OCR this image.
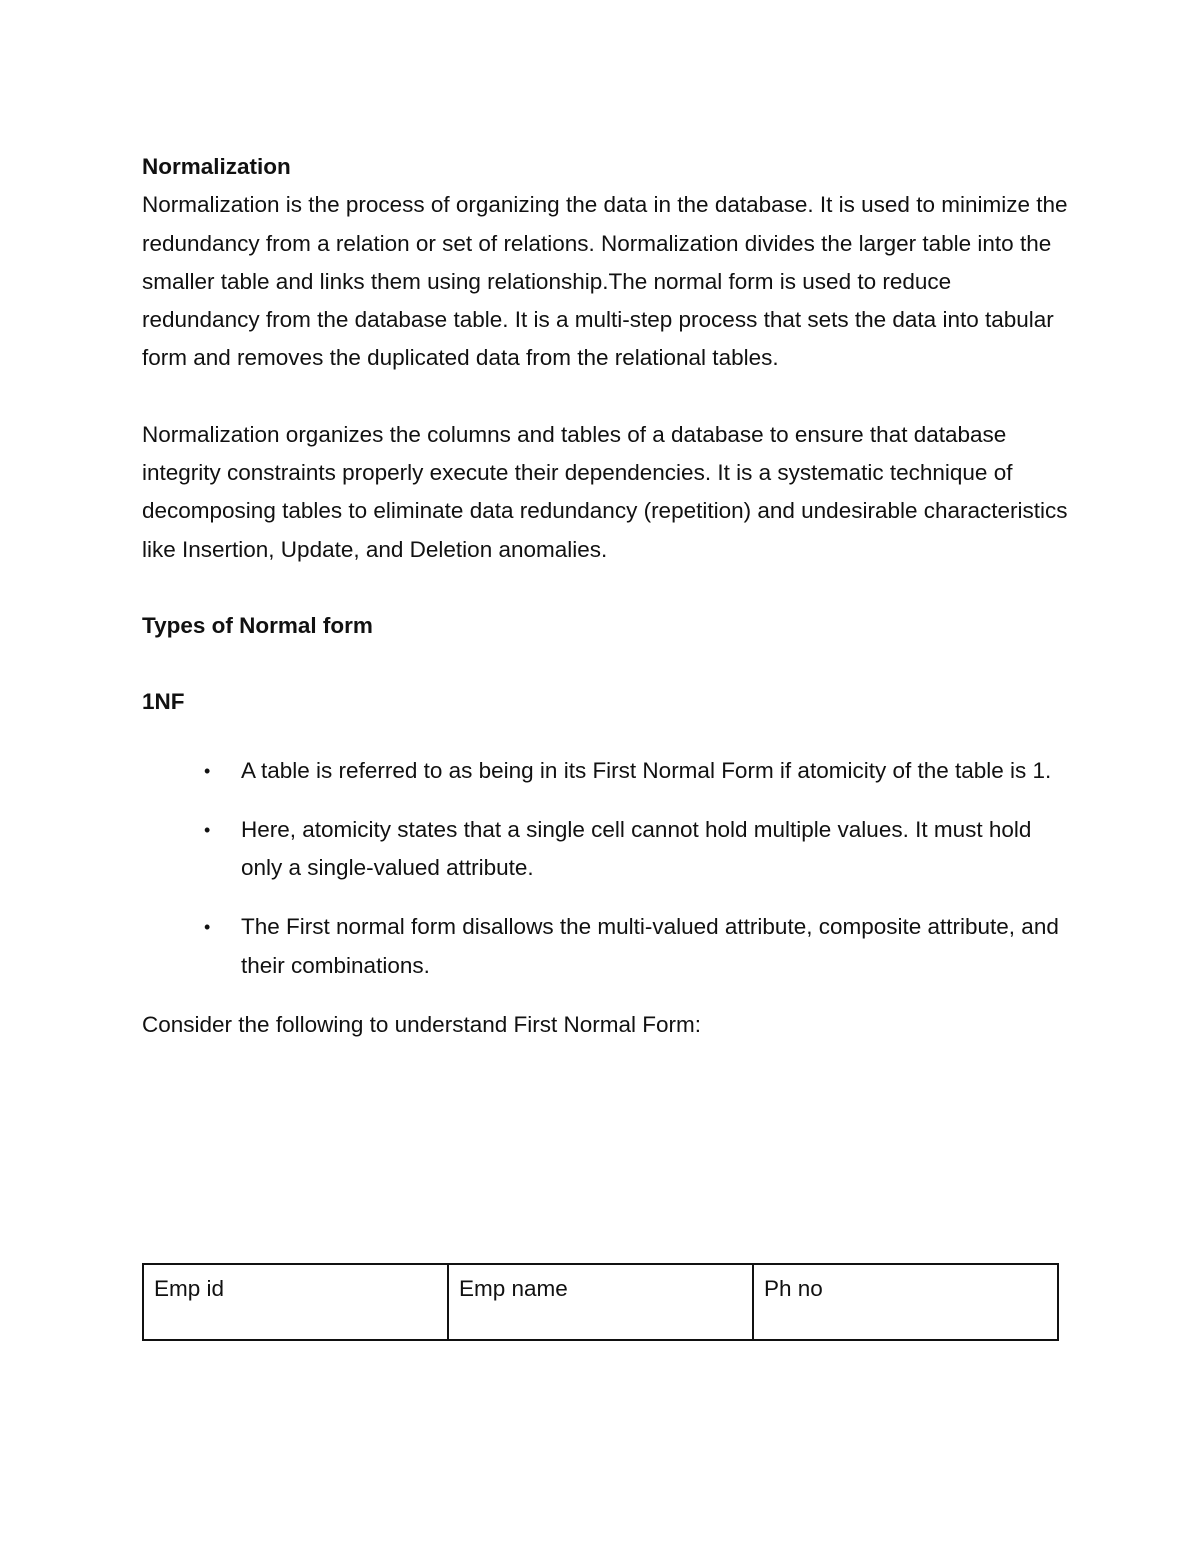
Normalization

Normalization is the process of organizing the data in the database. It is used to minimize the redundancy from a relation or set of relations. Normalization divides the larger table into the smaller table and links them using relationship.The normal form is used to reduce redundancy from the database table. It is a multi-step process that sets the data into tabular form and removes the duplicated data from the relational tables.

Normalization organizes the columns and tables of a database to ensure that database integrity constraints properly execute their dependencies. It is a systematic technique of decomposing tables to eliminate data redundancy (repetition) and undesirable characteristics like Insertion, Update, and Deletion anomalies.

Types of Normal form

1NF

• A table is referred to as being in its First Normal Form if atomicity of the table is 1.
• Here, atomicity states that a single cell cannot hold multiple values. It must hold only a single-valued attribute.
• The First normal form disallows the multi-valued attribute, composite attribute, and their combinations.

Consider the following to understand First Normal Form:

Emp id	Emp name	Ph no
